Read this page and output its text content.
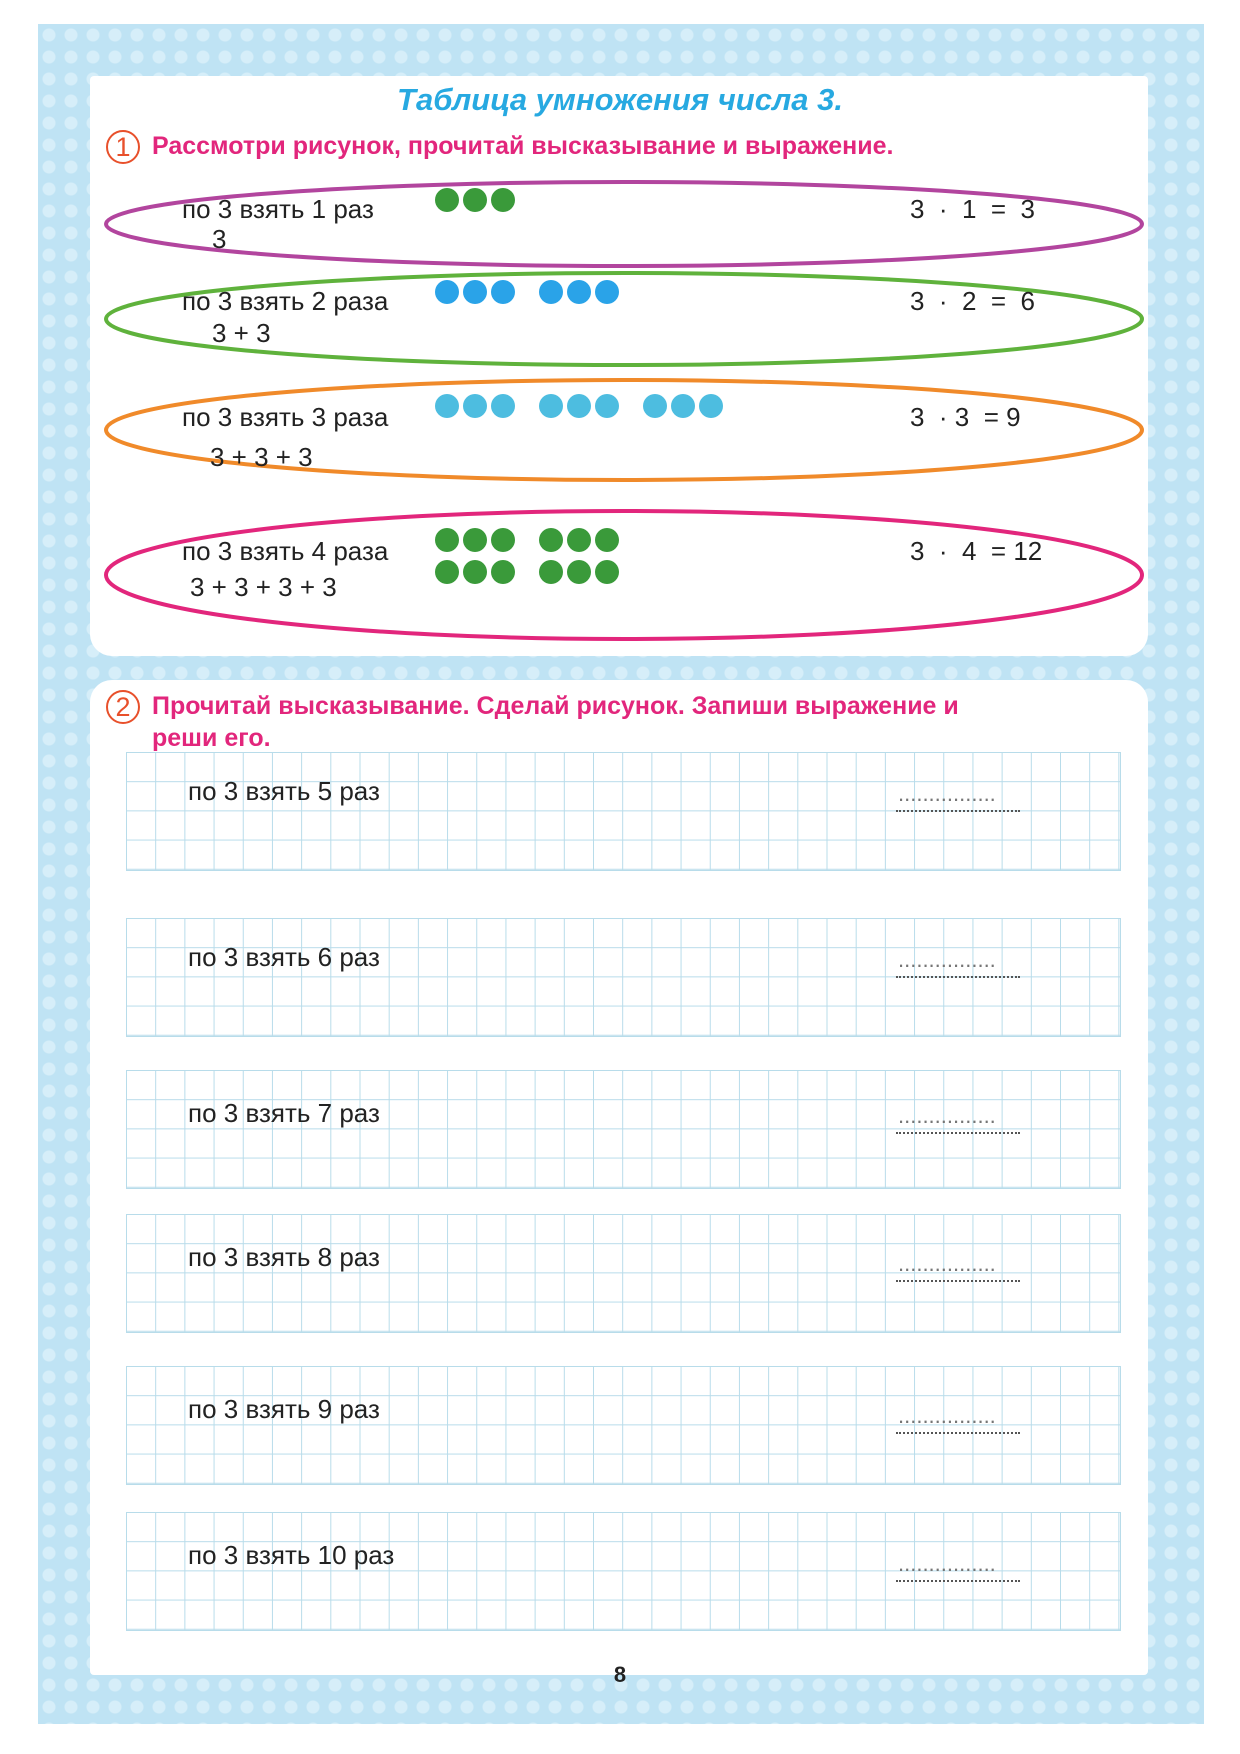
Таблица умножения числа 3.
1 Рассмотри рисунок, прочитай высказывание и выражение.
по 3 взять 1 раз
3
3  ·  1  =  3
по 3 взять 2 раза
3 + 3
3  ·  2  =  6
по 3 взять 3 раза
3 + 3 + 3
3  · 3  = 9
по 3 взять 4 раза
3 + 3 + 3 + 3
3  ·  4  = 12
2 Прочитай высказывание. Сделай рисунок. Запиши выражение и
реши его.
по 3 взять 5 раз
................
по 3 взять 6 раз
................
по 3 взять 7 раз
................
по 3 взять 8 раз
................
по 3 взять 9 раз
................
по 3 взять 10 раз
................
8
